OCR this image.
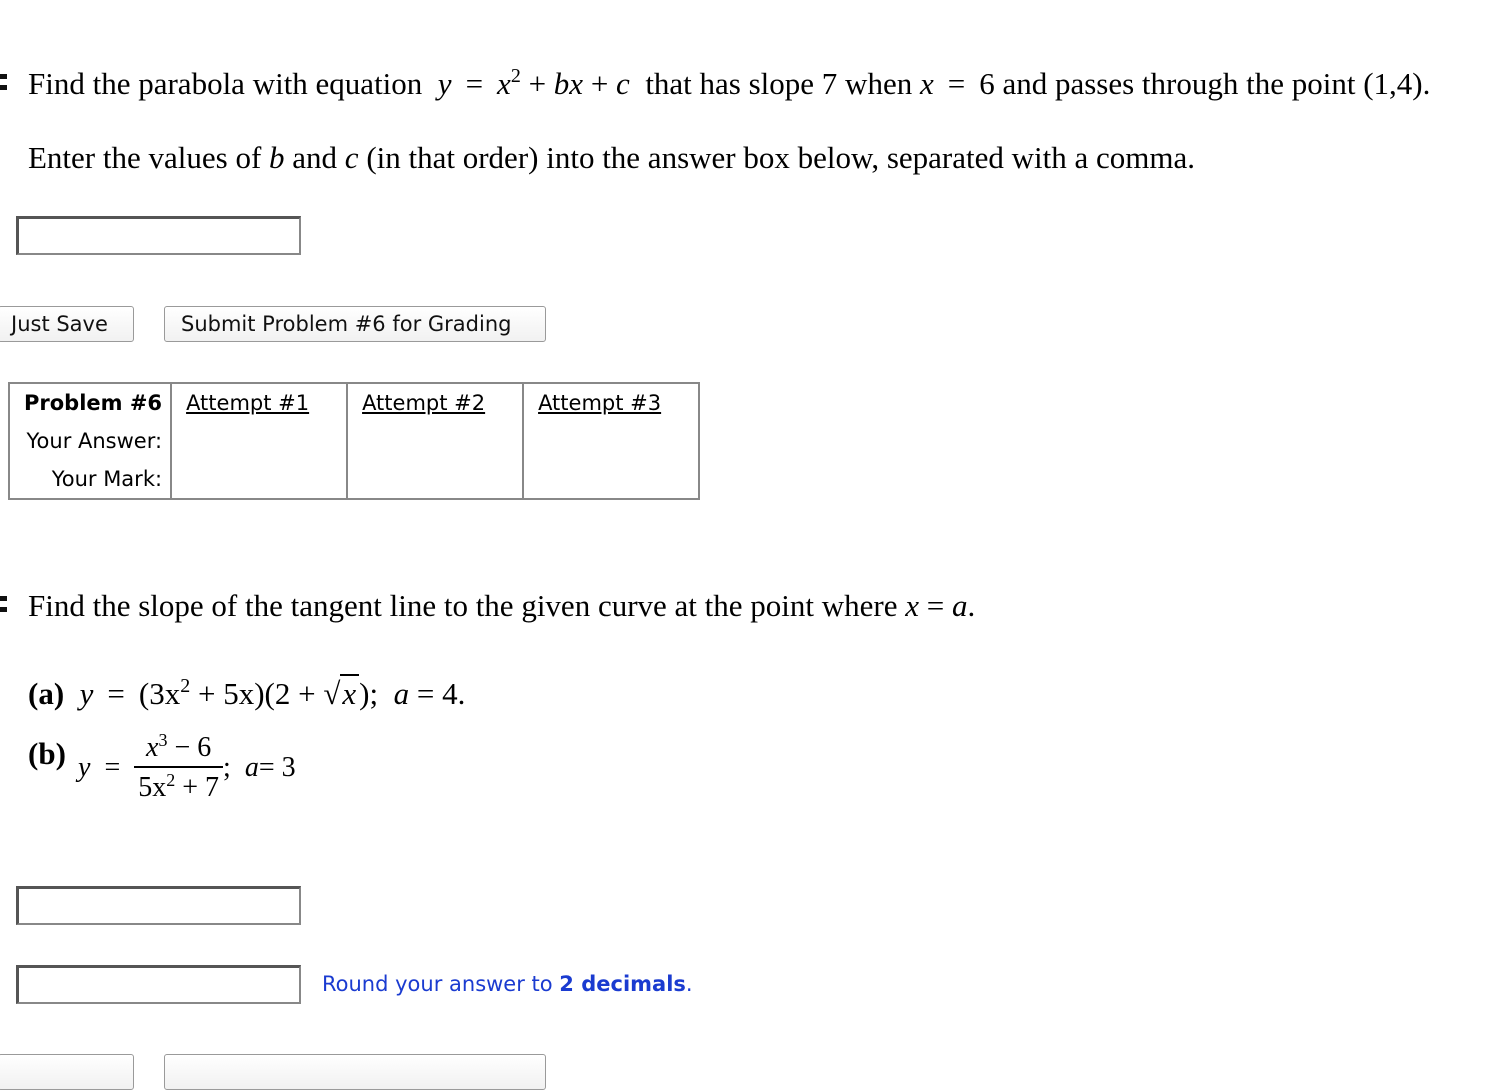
Find the parabola with equation $y = x^2$ + bx + c that has slope 7 when x = 6 and passes through the point (1,4).
Enter the values of b and c (in that order) into the answer box below, separated with a comma.
Just Save	Submit Problem #6 for Grading
Problem #6	Attempt #1	Attempt #2	Attempt #3
Your Answer:			
Your Mark:			
Find the slope of the tangent line to the given curve at the point where x = a.
(a) $y = (3x^2 + 5x)(2 + √x)$; a = 4.
(b) $y = \frac{x^3 - 6}{5x^2 + 7}$ ;
a = 3
Round your answer to 2 decimals.
